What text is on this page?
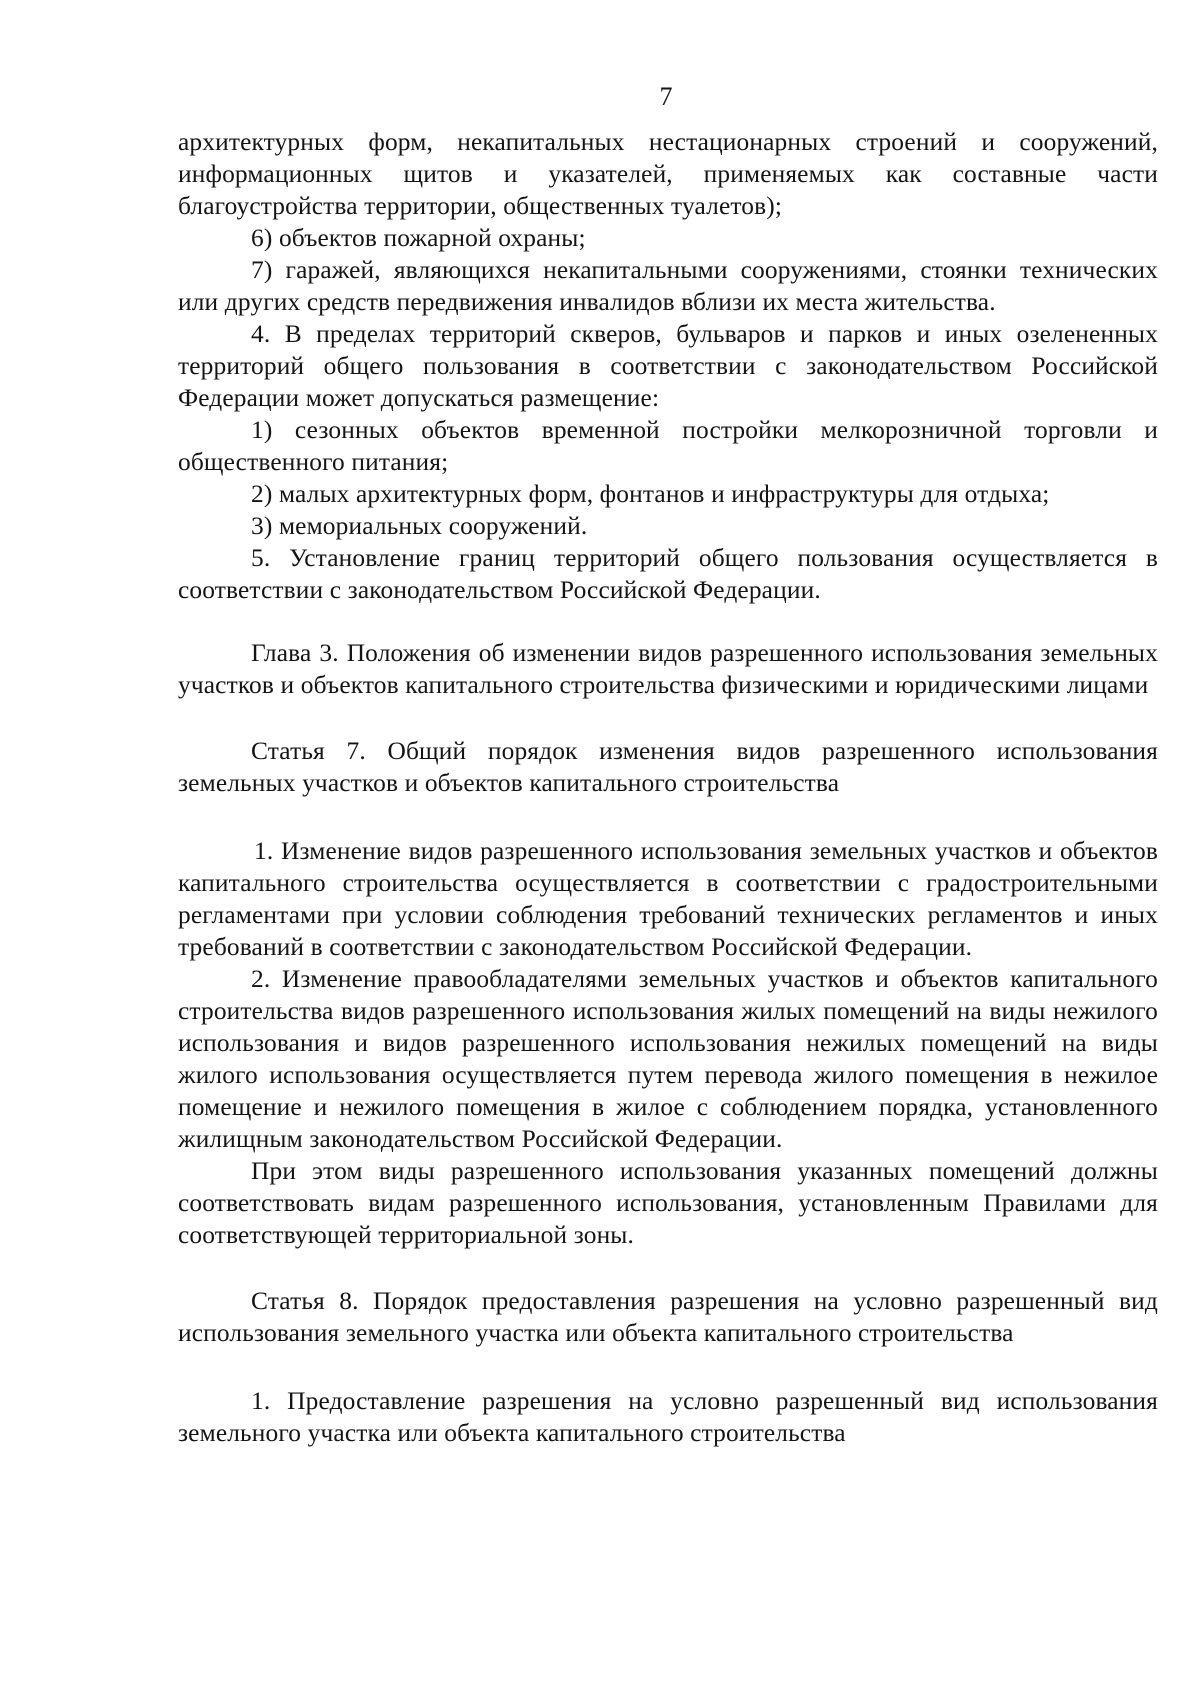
7

архитектурных форм, некапитальных нестационарных строений и сооружений, информационных щитов и указателей, применяемых как составные части благоустройства территории, общественных туалетов);

6) объектов пожарной охраны;

7) гаражей, являющихся некапитальными сооружениями, стоянки технических или других средств передвижения инвалидов вблизи их места жительства.

4. В пределах территорий скверов, бульваров и парков и иных озелененных территорий общего пользования в соответствии с законодательством Российской Федерации может допускаться размещение:

1) сезонных объектов временной постройки мелкорозничной торговли и общественного питания;

2) малых архитектурных форм, фонтанов и инфраструктуры для отдыха;

3) мемориальных сооружений.

5. Установление границ территорий общего пользования осуществляется в соответствии с законодательством Российской Федерации.

Глава 3. Положения об изменении видов разрешенного использования земельных участков и объектов капитального строительства физическими и юридическими лицами

Статья 7. Общий порядок изменения видов разрешенного использования земельных участков и объектов капитального строительства

1. Изменение видов разрешенного использования земельных участков и объектов капитального строительства осуществляется в соответствии с градостроительными регламентами при условии соблюдения требований технических регламентов и иных требований в соответствии с законодательством Российской Федерации.

2. Изменение правообладателями земельных участков и объектов капитального строительства видов разрешенного использования жилых помещений на виды нежилого использования и видов разрешенного использования нежилых помещений на виды жилого использования осуществляется путем перевода жилого помещения в нежилое помещение и нежилого помещения в жилое с соблюдением порядка, установленного жилищным законодательством Российской Федерации.

При этом виды разрешенного использования указанных помещений должны соответствовать видам разрешенного использования, установленным Правилами для соответствующей территориальной зоны.

Статья 8. Порядок предоставления разрешения на условно разрешенный вид использования земельного участка или объекта капитального строительства

1. Предоставление разрешения на условно разрешенный вид использования земельного участка или объекта капитального строительства
